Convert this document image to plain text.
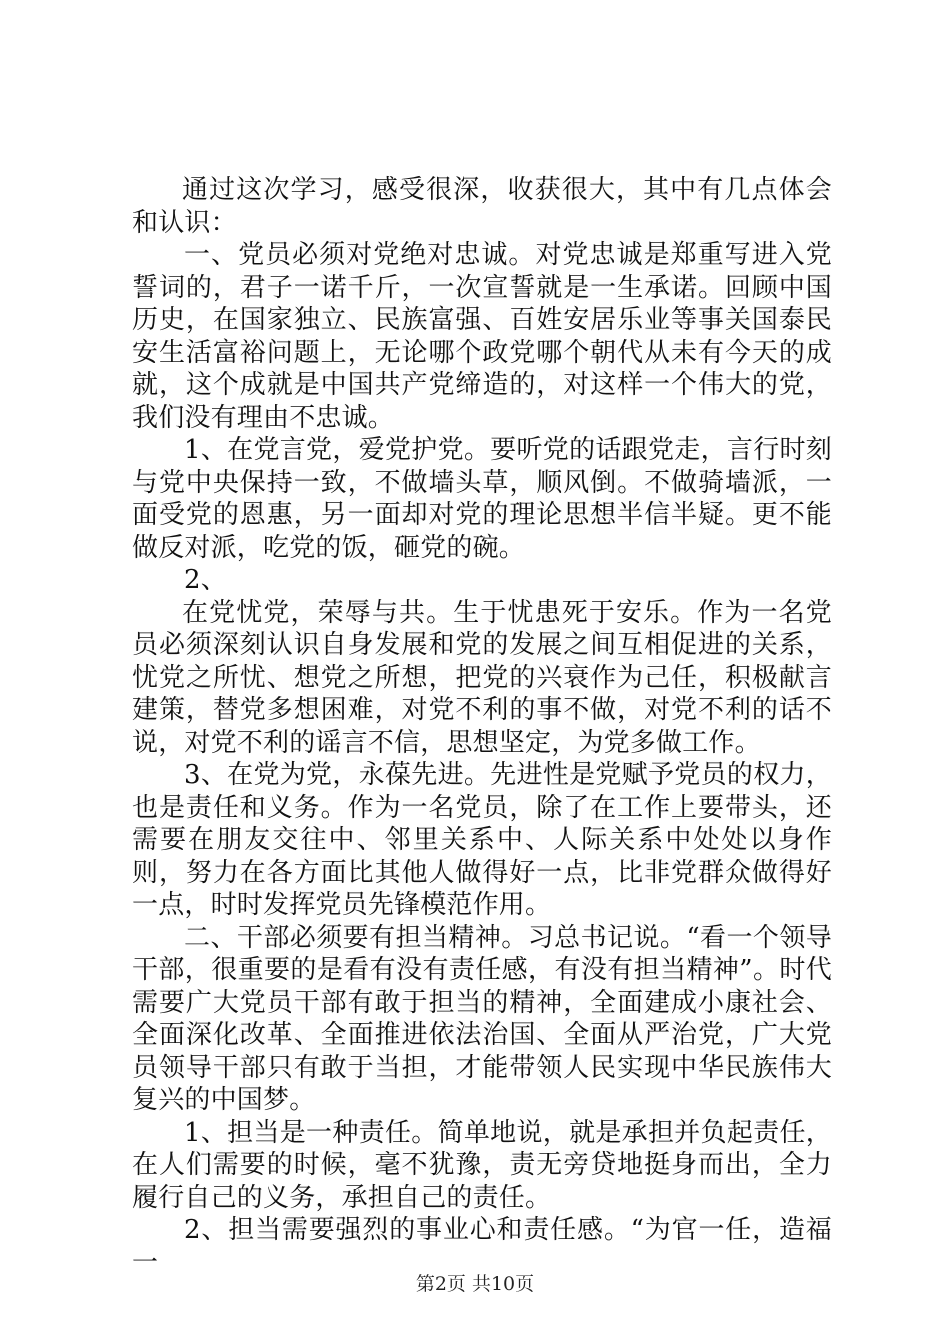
通过这次学习，感受很深，收获很大，其中有几点体会和认识：

一、党员必须对党绝对忠诚。对党忠诚是郑重写进入党誓词的，君子一诺千斤，一次宣誓就是一生承诺。回顾中国历史，在国家独立、民族富强、百姓安居乐业等事关国泰民安生活富裕问题上，无论哪个政党哪个朝代从未有今天的成就，这个成就是中国共产党缔造的，对这样一个伟大的党，我们没有理由不忠诚。

1、在党言党，爱党护党。要听党的话跟党走，言行时刻与党中央保持一致，不做墙头草，顺风倒。不做骑墙派，一面受党的恩惠，另一面却对党的理论思想半信半疑。更不能做反对派，吃党的饭，砸党的碗。

2、

在党忧党，荣辱与共。生于忧患死于安乐。作为一名党员必须深刻认识自身发展和党的发展之间互相促进的关系，忧党之所忧、想党之所想，把党的兴衰作为己任，积极献言建策，替党多想困难，对党不利的事不做，对党不利的话不说，对党不利的谣言不信，思想坚定，为党多做工作。

3、在党为党，永葆先进。先进性是党赋予党员的权力，也是责任和义务。作为一名党员，除了在工作上要带头，还需要在朋友交往中、邻里关系中、人际关系中处处以身作则，努力在各方面比其他人做得好一点，比非党群众做得好一点，时时发挥党员先锋模范作用。

二、干部必须要有担当精神。习总书记说。“看一个领导干部，很重要的是看有没有责任感，有没有担当精神”。时代需要广大党员干部有敢于担当的精神，全面建成小康社会、全面深化改革、全面推进依法治国、全面从严治党，广大党员领导干部只有敢于当担，才能带领人民实现中华民族伟大复兴的中国梦。

1、担当是一种责任。简单地说，就是承担并负起责任，在人们需要的时候，毫不犹豫，责无旁贷地挺身而出，全力履行自己的义务，承担自己的责任。

2、担当需要强烈的事业心和责任感。“为官一任，造福一

第2页 共10页
